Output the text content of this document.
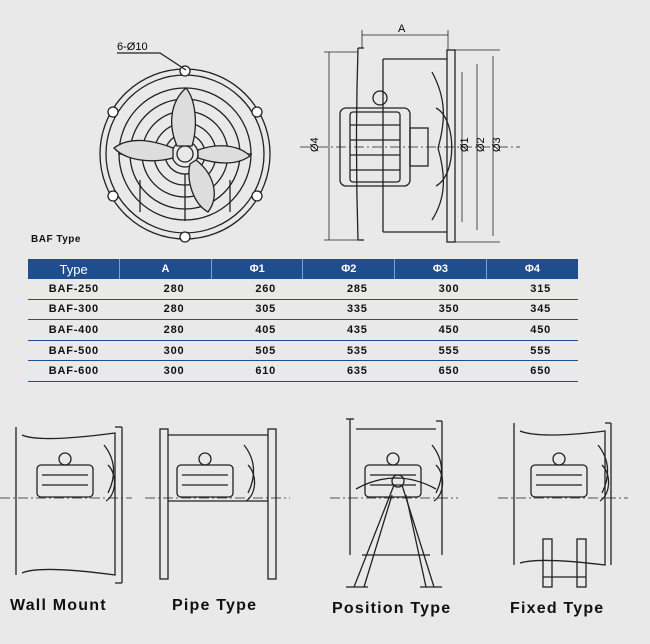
6-Ø10
A
Ø4	Ø1 Ø2 Ø3
BAF Type
Type	A	Φ1	Φ2	Φ3	Φ4
BAF-250	280	260	285	300	315
BAF-300	280	305	335	350	345
BAF-400	280	405	435	450	450
BAF-500	300	505	535	555	555
BAF-600	300	610	635	650	650
Wall Mount	Pipe Type	Position Type	Fixed Type
